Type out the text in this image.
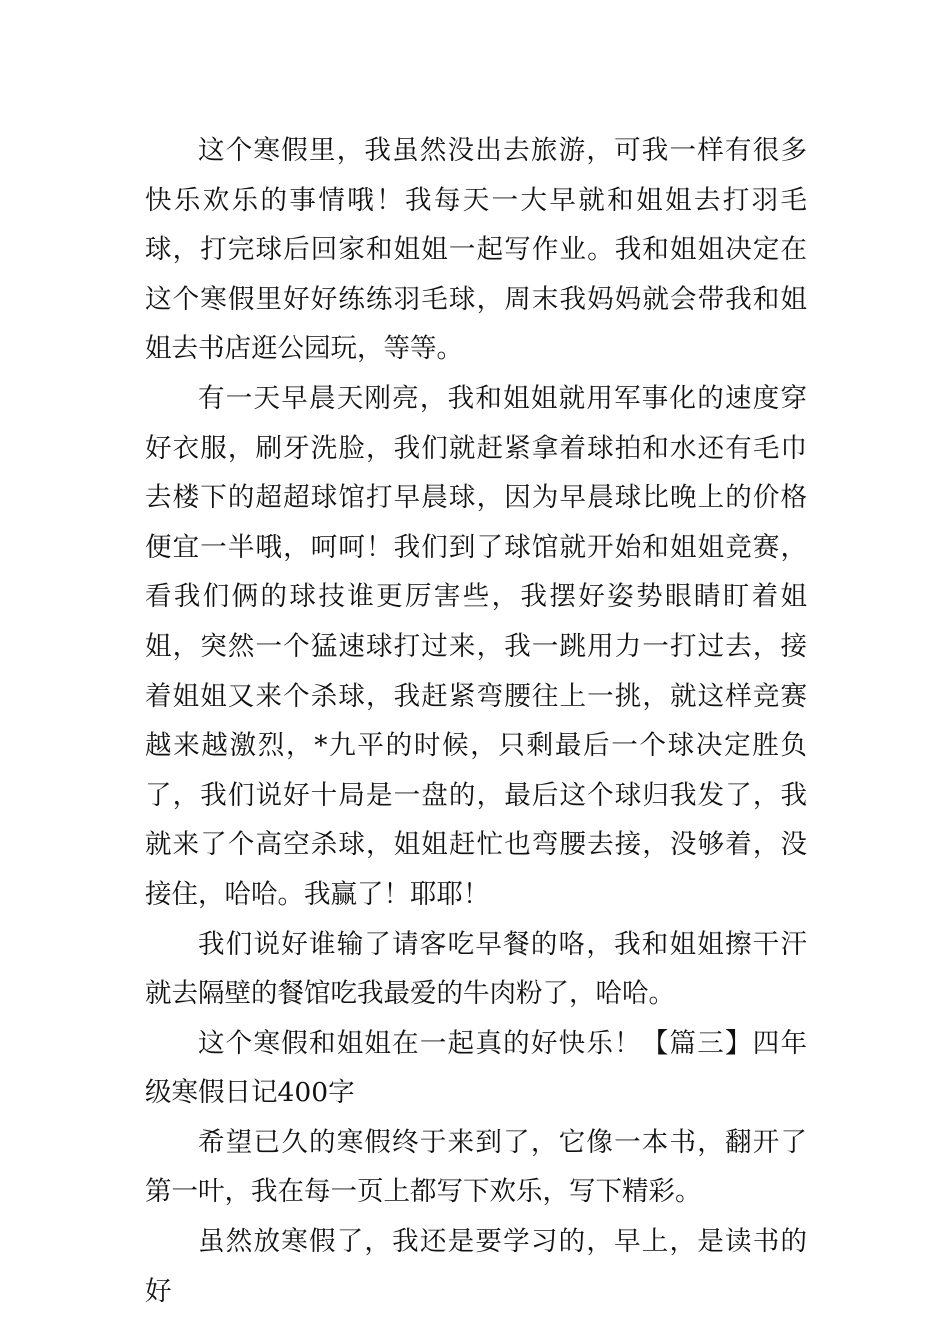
这个寒假里，我虽然没出去旅游，可我一样有很多快乐欢乐的事情哦！我每天一大早就和姐姐去打羽毛球，打完球后回家和姐姐一起写作业。我和姐姐决定在这个寒假里好好练练羽毛球，周末我妈妈就会带我和姐姐去书店逛公园玩，等等。

有一天早晨天刚亮，我和姐姐就用军事化的速度穿好衣服，刷牙洗脸，我们就赶紧拿着球拍和水还有毛巾去楼下的超超球馆打早晨球，因为早晨球比晚上的价格便宜一半哦，呵呵！我们到了球馆就开始和姐姐竞赛，看我们俩的球技谁更厉害些，我摆好姿势眼睛盯着姐姐，突然一个猛速球打过来，我一跳用力一打过去，接着姐姐又来个杀球，我赶紧弯腰往上一挑，就这样竞赛越来越激烈，*九平的时候，只剩最后一个球决定胜负了，我们说好十局是一盘的，最后这个球归我发了，我就来了个高空杀球，姐姐赶忙也弯腰去接，没够着，没接住，哈哈。我赢了！耶耶！

我们说好谁输了请客吃早餐的咯，我和姐姐擦干汗就去隔壁的餐馆吃我最爱的牛肉粉了，哈哈。

这个寒假和姐姐在一起真的好快乐！【篇三】四年级寒假日记400字

希望已久的寒假终于来到了，它像一本书，翻开了第一叶，我在每一页上都写下欢乐，写下精彩。

虽然放寒假了，我还是要学习的，早上，是读书的好
